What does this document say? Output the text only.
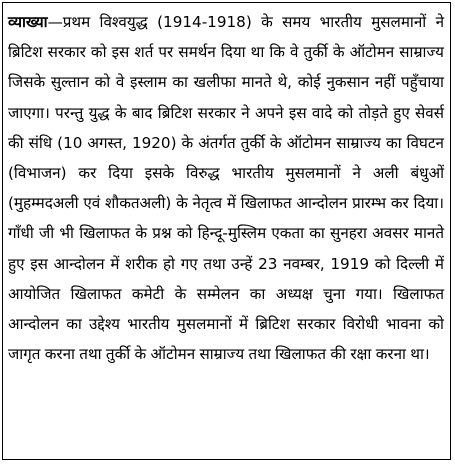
व्याख्या—प्रथम विश्वयुद्ध (1914-1918) के समय भारतीय मुसलमानों ने ब्रिटिश सरकार को इस शर्त पर समर्थन दिया था कि वे तुर्की के ऑटोमन साम्राज्य जिसके सुल्तान को वे इस्लाम का खलीफा मानते थे, कोई नुकसान नहीं पहुँचाया जाएगा। परन्तु युद्ध के बाद ब्रिटिश सरकार ने अपने इस वादे को तोड़ते हुए सेवर्स की संधि (10 अगस्त, 1920) के अंतर्गत तुर्की के ऑटोमन साम्राज्य का विघटन (विभाजन) कर दिया इसके विरुद्ध भारतीय मुसलमानों ने अली बंधुओं (मुहम्मदअली एवं शौकतअली) के नेतृत्व में खिलाफत आन्दोलन प्रारम्भ कर दिया। गाँधी जी भी खिलाफत के प्रश्न को हिन्दू-मुस्लिम एकता का सुनहरा अवसर मानते हुए इस आन्दोलन में शरीक हो गए तथा उन्हें 23 नवम्बर, 1919 को दिल्ली में आयोजित खिलाफत कमेटी के सम्मेलन का अध्यक्ष चुना गया। खिलाफत आन्दोलन का उद्देश्य भारतीय मुसलमानों में ब्रिटिश सरकार विरोधी भावना को जागृत करना तथा तुर्की के ऑटोमन साम्राज्य तथा खिलाफत की रक्षा करना था।
